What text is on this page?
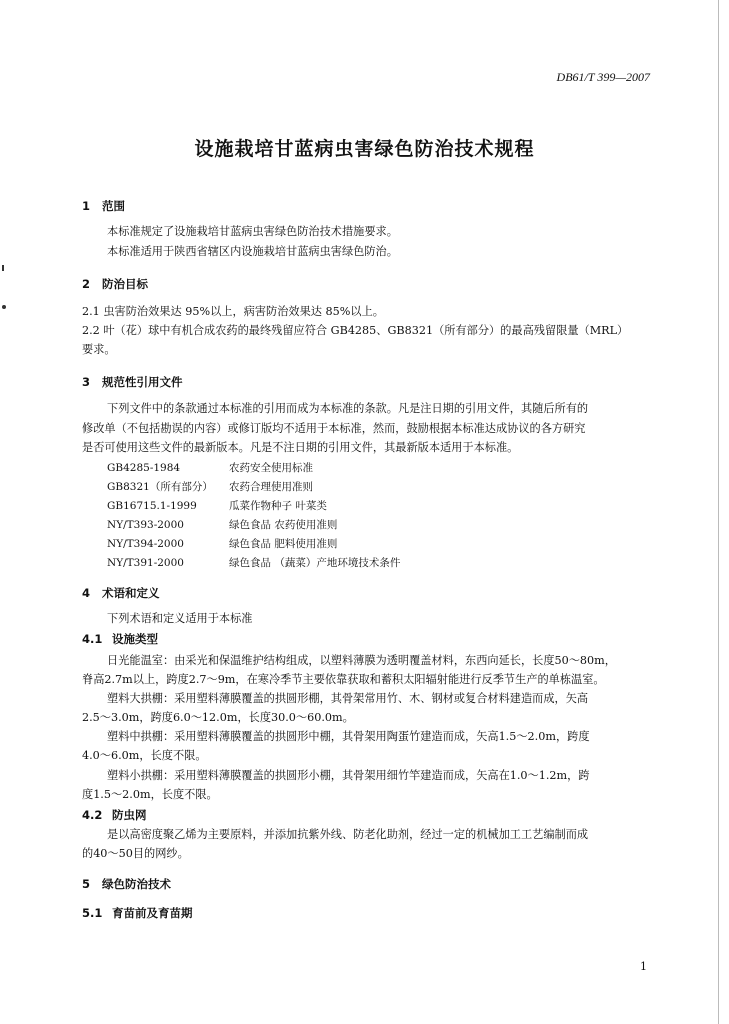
DB61/T 399—2007
设施栽培甘蓝病虫害绿色防治技术规程
1 范围
本标准规定了设施栽培甘蓝病虫害绿色防治技术措施要求。
本标准适用于陕西省辖区内设施栽培甘蓝病虫害绿色防治。
2 防治目标
2.1 虫害防治效果达 95%以上，病害防治效果达 85%以上。
2.2 叶（花）球中有机合成农药的最终残留应符合 GB4285、GB8321（所有部分）的最高残留限量（MRL）
要求。
3 规范性引用文件
下列文件中的条款通过本标准的引用而成为本标准的条款。凡是注日期的引用文件，其随后所有的
修改单（不包括勘误的内容）或修订版均不适用于本标准，然而，鼓励根据本标准达成协议的各方研究
是否可使用这些文件的最新版本。凡是不注日期的引用文件，其最新版本适用于本标准。
GB4285-1984	农药安全使用标准
GB8321（所有部分） 农药合理使用准则
GB16715.1-1999	瓜菜作物种子 叶菜类
NY/T393-2000	绿色食品 农药使用准则
NY/T394-2000	绿色食品 肥料使用准则
NY/T391-2000	绿色食品 （蔬菜）产地环境技术条件
4 术语和定义
下列术语和定义适用于本标准
4.1 设施类型
日光能温室：由采光和保温维护结构组成，以塑料薄膜为透明覆盖材料，东西向延长，长度50～80m，
脊高2.7m以上，跨度2.7～9m，在寒冷季节主要依靠获取和蓄积太阳辐射能进行反季节生产的单栋温室。
塑料大拱棚：采用塑料薄膜覆盖的拱圆形棚，其骨架常用竹、木、钢材或复合材料建造而成，矢高
2.5～3.0m，跨度6.0～12.0m，长度30.0～60.0m。
塑料中拱棚：采用塑料薄膜覆盖的拱圆形中棚，其骨架用陶蛋竹建造而成，矢高1.5～2.0m，跨度
4.0～6.0m，长度不限。
塑料小拱棚：采用塑料薄膜覆盖的拱圆形小棚，其骨架用细竹竿建造而成，矢高在1.0～1.2m，跨
度1.5～2.0m，长度不限。
4.2 防虫网
是以高密度聚乙烯为主要原料，并添加抗紫外线、防老化助剂，经过一定的机械加工工艺编制而成
的40～50目的网纱。
5 绿色防治技术
5.1 育苗前及育苗期
1
